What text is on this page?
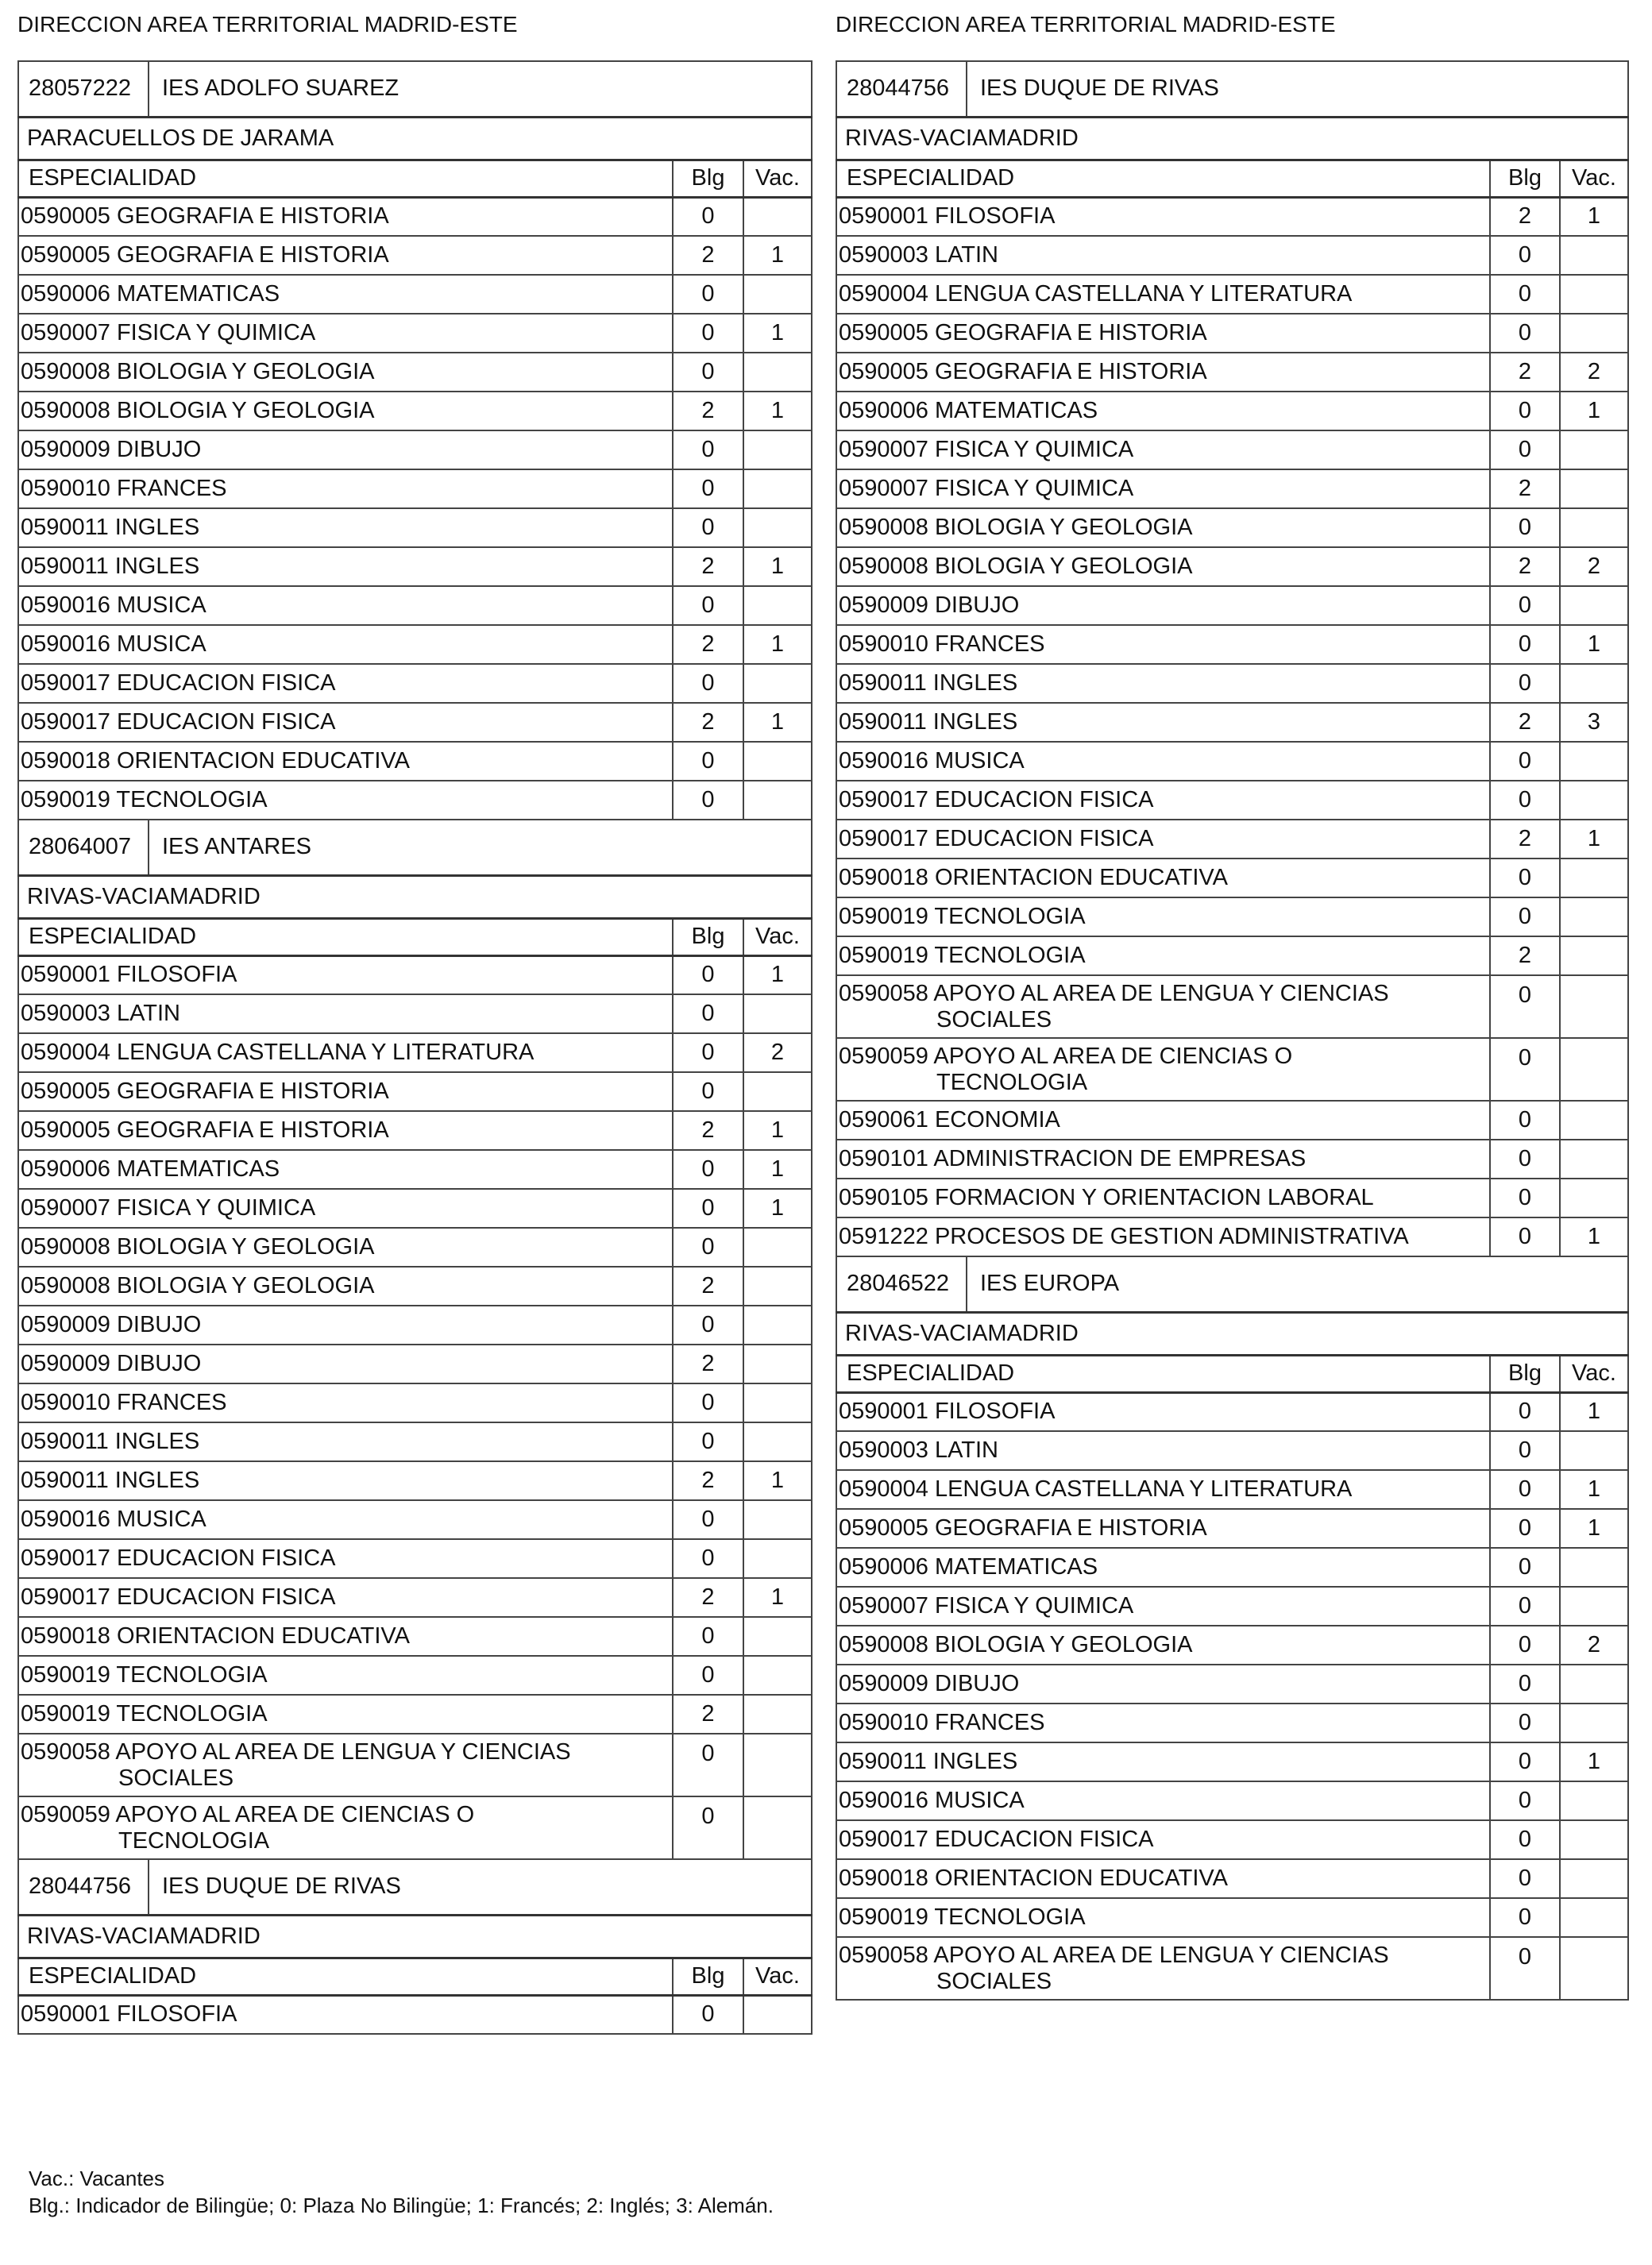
DIRECCION AREA TERRITORIAL MADRID-ESTE
28057222 IES ADOLFO SUAREZ		

PARACUELLOS DE JARAMA		
ESPECIALIDAD	Blg	Vac.

0590005 GEOGRAFIA E HISTORIA	0	

0590005 GEOGRAFIA E HISTORIA	2	1

0590006 MATEMATICAS	0	

0590007 FISICA Y QUIMICA	0	1

0590008 BIOLOGIA Y GEOLOGIA	0	

0590008 BIOLOGIA Y GEOLOGIA	2	1

0590009 DIBUJO	0	

0590010 FRANCES	0	

0590011 INGLES	0	

0590011 INGLES	2	1

0590016 MUSICA	0	

0590016 MUSICA	2	1

0590017 EDUCACION FISICA	0	

0590017 EDUCACION FISICA	2	1

0590018 ORIENTACION EDUCATIVA	0	

0590019 TECNOLOGIA	0	

28064007 IES ANTARES		

RIVAS-VACIAMADRID		
ESPECIALIDAD	Blg	Vac.

0590001 FILOSOFIA	0	1

0590003 LATIN	0	

0590004 LENGUA CASTELLANA Y LITERATURA	0	2

0590005 GEOGRAFIA E HISTORIA	0	

0590005 GEOGRAFIA E HISTORIA	2	1

0590006 MATEMATICAS	0	1

0590007 FISICA Y QUIMICA	0	1

0590008 BIOLOGIA Y GEOLOGIA	0	

0590008 BIOLOGIA Y GEOLOGIA	2	

0590009 DIBUJO	0	

0590009 DIBUJO	2	

0590010 FRANCES	0	

0590011 INGLES	0	

0590011 INGLES	2	1

0590016 MUSICA	0	

0590017 EDUCACION FISICA	0	

0590017 EDUCACION FISICA	2	1

0590018 ORIENTACION EDUCATIVA	0	

0590019 TECNOLOGIA	0	

0590019 TECNOLOGIA	2	

0590058 APOYO AL AREA DE LENGUA Y CIENCIAS
SOCIALES	0	

0590059 APOYO AL AREA DE CIENCIAS O
TECNOLOGIA	0	

28044756 IES DUQUE DE RIVAS		

RIVAS-VACIAMADRID		
ESPECIALIDAD	Blg	Vac.

0590001 FILOSOFIA	0	
DIRECCION AREA TERRITORIAL MADRID-ESTE
28044756 IES DUQUE DE RIVAS		

RIVAS-VACIAMADRID		
ESPECIALIDAD	Blg	Vac.

0590001 FILOSOFIA	2	1

0590003 LATIN	0	

0590004 LENGUA CASTELLANA Y LITERATURA	0	

0590005 GEOGRAFIA E HISTORIA	0	

0590005 GEOGRAFIA E HISTORIA	2	2

0590006 MATEMATICAS	0	1

0590007 FISICA Y QUIMICA	0	

0590007 FISICA Y QUIMICA	2	

0590008 BIOLOGIA Y GEOLOGIA	0	

0590008 BIOLOGIA Y GEOLOGIA	2	2

0590009 DIBUJO	0	

0590010 FRANCES	0	1

0590011 INGLES	0	

0590011 INGLES	2	3

0590016 MUSICA	0	

0590017 EDUCACION FISICA	0	

0590017 EDUCACION FISICA	2	1

0590018 ORIENTACION EDUCATIVA	0	

0590019 TECNOLOGIA	0	

0590019 TECNOLOGIA	2	

0590058 APOYO AL AREA DE LENGUA Y CIENCIAS
SOCIALES	0	

0590059 APOYO AL AREA DE CIENCIAS O
TECNOLOGIA	0	

0590061 ECONOMIA	0	

0590101 ADMINISTRACION DE EMPRESAS	0	

0590105 FORMACION Y ORIENTACION LABORAL	0	

0591222 PROCESOS DE GESTION ADMINISTRATIVA	0	1

28046522 IES EUROPA		

RIVAS-VACIAMADRID		
ESPECIALIDAD	Blg	Vac.

0590001 FILOSOFIA	0	1

0590003 LATIN	0	

0590004 LENGUA CASTELLANA Y LITERATURA	0	1

0590005 GEOGRAFIA E HISTORIA	0	1

0590006 MATEMATICAS	0	

0590007 FISICA Y QUIMICA	0	

0590008 BIOLOGIA Y GEOLOGIA	0	2

0590009 DIBUJO	0	

0590010 FRANCES	0	

0590011 INGLES	0	1

0590016 MUSICA	0	

0590017 EDUCACION FISICA	0	

0590018 ORIENTACION EDUCATIVA	0	

0590019 TECNOLOGIA	0	

0590058 APOYO AL AREA DE LENGUA Y CIENCIAS
SOCIALES	0	
Vac.: Vacantes
Blg.: Indicador de Bilingüe; 0: Plaza No Bilingüe; 1: Francés; 2: Inglés; 3: Alemán.
